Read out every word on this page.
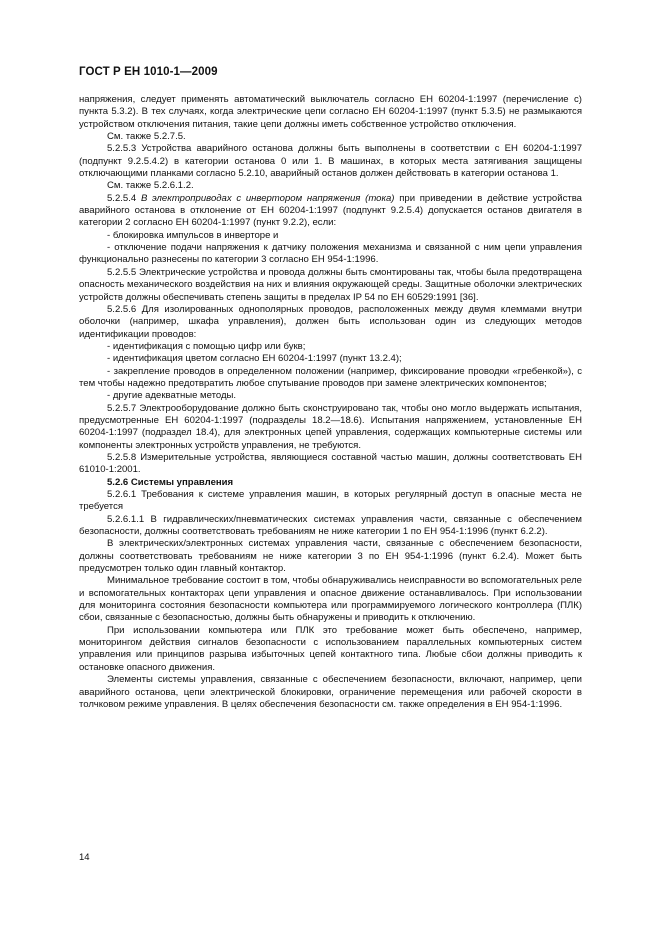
ГОСТ Р ЕН 1010-1—2009

напряжения, следует применять автоматический выключатель согласно ЕН 60204-1:1997 (перечисление с) пункта 5.3.2). В тех случаях, когда электрические цепи согласно ЕН 60204-1:1997 (пункт 5.3.5) не размыкаются устройством отключения питания, такие цепи должны иметь собственное устройство отключения.

См. также 5.2.7.5.

5.2.5.3 Устройства аварийного останова должны быть выполнены в соответствии с ЕН 60204-1:1997 (подпункт 9.2.5.4.2) в категории останова 0 или 1. В машинах, в которых места затягивания защищены отключающими планками согласно 5.2.10, аварийный останов должен действовать в категории останова 1.

См. также 5.2.6.1.2.

5.2.5.4 В электроприводах с инвертором напряжения (тока) при приведении в действие устройства аварийного останова в отклонение от ЕН 60204-1:1997 (подпункт 9.2.5.4) допускается останов двигателя в категории 2 согласно ЕН 60204-1:1997 (пункт 9.2.2), если:

- блокировка импульсов в инверторе и

- отключение подачи напряжения к датчику положения механизма и связанной с ним цепи управления функционально разнесены по категории 3 согласно ЕН 954-1:1996.

5.2.5.5 Электрические устройства и провода должны быть смонтированы так, чтобы была предотвращена опасность механического воздействия на них и влияния окружающей среды. Защитные оболочки электрических устройств должны обеспечивать степень защиты в пределах IP 54 по ЕН 60529:1991 [36].

5.2.5.6 Для изолированных однополярных проводов, расположенных между двумя клеммами внутри оболочки (например, шкафа управления), должен быть использован один из следующих методов идентификации проводов:

- идентификация с помощью цифр или букв;

- идентификация цветом согласно ЕН 60204-1:1997 (пункт 13.2.4);

- закрепление проводов в определенном положении (например, фиксирование проводки «гребенкой»), с тем чтобы надежно предотвратить любое спутывание проводов при замене электрических компонентов;

- другие адекватные методы.

5.2.5.7 Электрооборудование должно быть сконструировано так, чтобы оно могло выдержать испытания, предусмотренные ЕН 60204-1:1997 (подразделы 18.2—18.6). Испытания напряжением, установленные ЕН 60204-1:1997 (подраздел 18.4), для электронных цепей управления, содержащих компьютерные системы или компоненты электронных устройств управления, не требуются.

5.2.5.8 Измерительные устройства, являющиеся составной частью машин, должны соответствовать ЕН 61010-1:2001.

5.2.6 Системы управления

5.2.6.1 Требования к системе управления машин, в которых регулярный доступ в опасные места не требуется

5.2.6.1.1 В гидравлических/пневматических системах управления части, связанные с обеспечением безопасности, должны соответствовать требованиям не ниже категории 1 по ЕН 954-1:1996 (пункт 6.2.2).

В электрических/электронных системах управления части, связанные с обеспечением безопасности, должны соответствовать требованиям не ниже категории 3 по ЕН 954-1:1996 (пункт 6.2.4). Может быть предусмотрен только один главный контактор.

Минимальное требование состоит в том, чтобы обнаруживались неисправности во вспомогательных реле и вспомогательных контакторах цепи управления и опасное движение останавливалось. При использовании для мониторинга состояния безопасности компьютера или программируемого логического контроллера (ПЛК) сбои, связанные с безопасностью, должны быть обнаружены и приводить к отключению.

При использовании компьютера или ПЛК это требование может быть обеспечено, например, мониторингом действия сигналов безопасности с использованием параллельных компьютерных систем управления или принципов разрыва избыточных цепей контактного типа. Любые сбои должны приводить к остановке опасного движения.

Элементы системы управления, связанные с обеспечением безопасности, включают, например, цепи аварийного останова, цепи электрической блокировки, ограничение перемещения или рабочей скорости в толчковом режиме управления. В целях обеспечения безопасности см. также определения в ЕН 954-1:1996.

14
